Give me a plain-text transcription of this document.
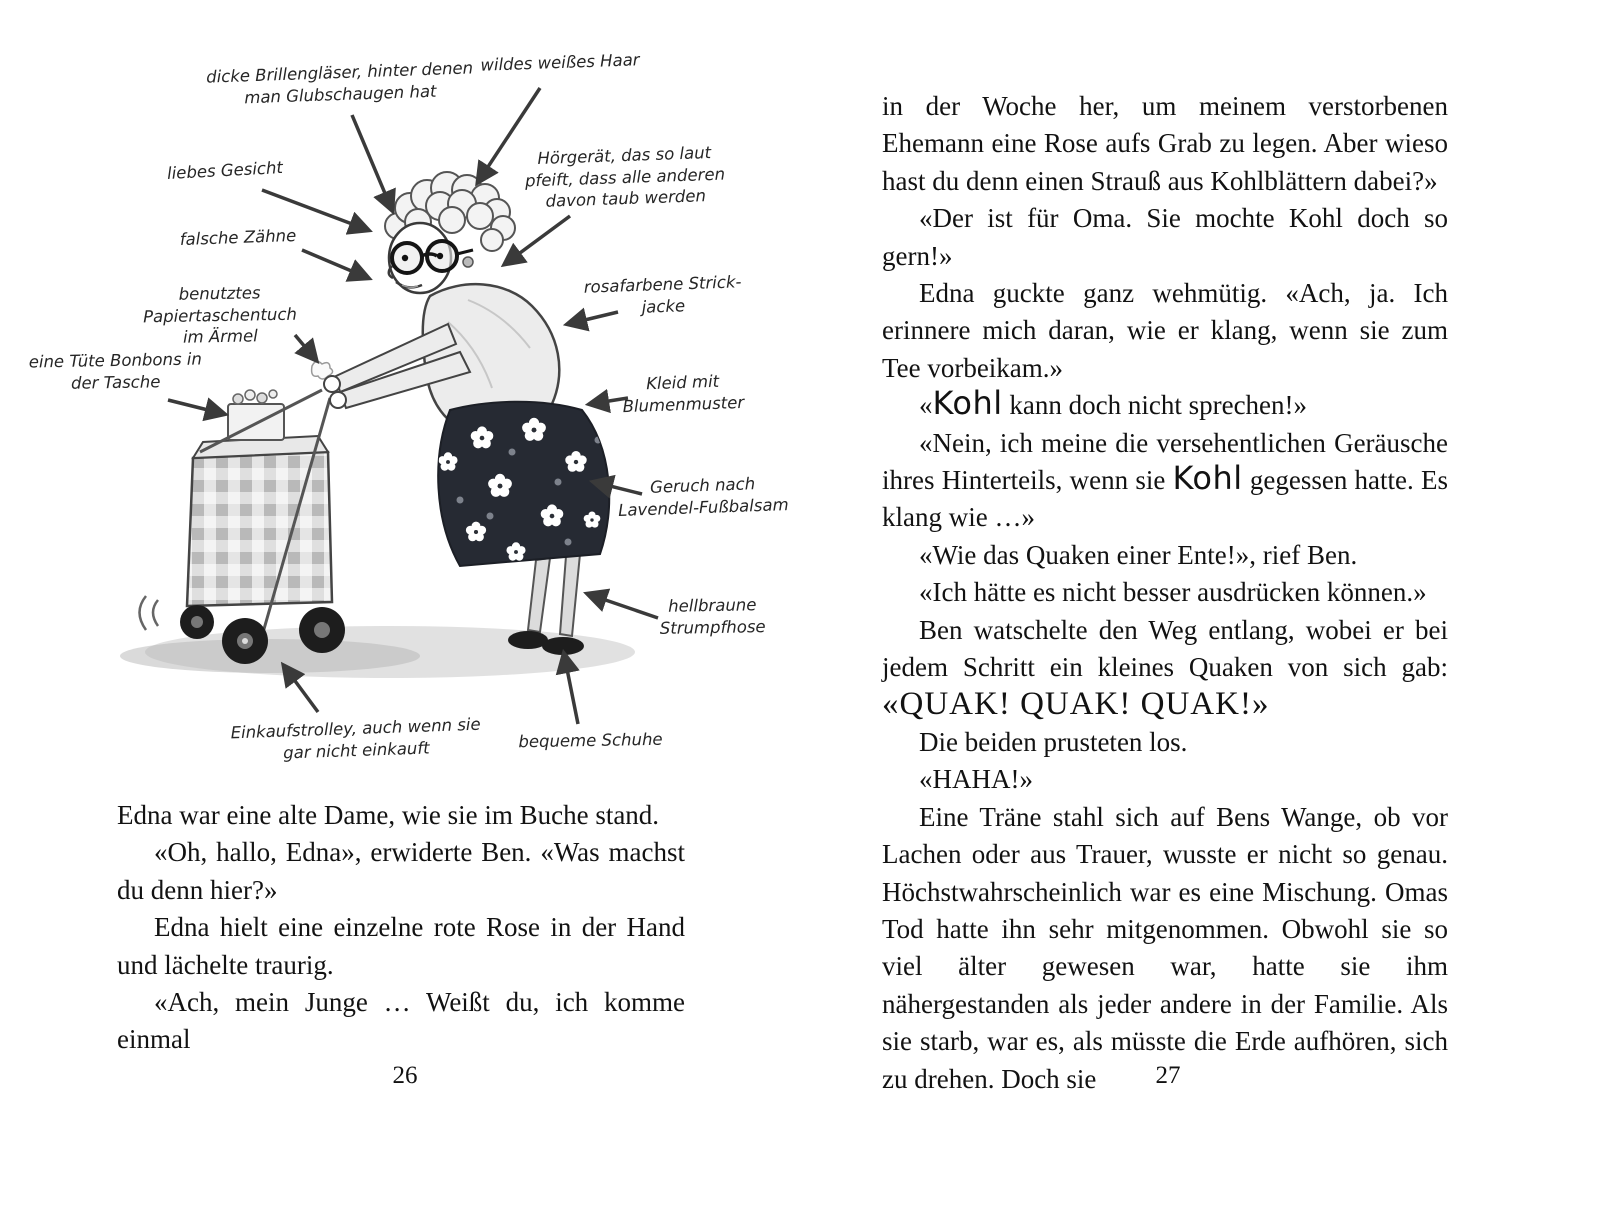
dicke Brillengläser, hinter denen
man Glubschaugen hat
wildes weißes Haar
liebes Gesicht
Hörgerät, das so laut
pfeift, dass alle anderen
davon taub werden
falsche Zähne
benutztes Papiertaschentuch
im Ärmel
rosafarbene Strick-
jacke
eine Tüte Bonbons in
der Tasche	Kleid mit
Blumenmuster
Geruch nach
Lavendel-Fußbalsam
hellbraune
Strumpfhose
Einkaufstrolley, auch wenn sie
gar nicht einkauft	bequeme Schuhe

Edna war eine alte Dame, wie sie im Buche stand.

«Oh, hallo, Edna», erwiderte Ben. «Was machst du denn hier?»

Edna hielt eine einzelne rote Rose in der Hand und lächelte traurig.

«Ach, mein Junge … Weißt du, ich komme einmal

26

in der Woche her, um meinem verstorbenen Ehemann eine Rose aufs Grab zu legen. Aber wieso hast du denn einen Strauß aus Kohlblättern dabei?»

«Der ist für Oma. Sie mochte Kohl doch so gern!»

Edna guckte ganz wehmütig. «Ach, ja. Ich erinnere mich daran, wie er klang, wenn sie zum Tee vorbeikam.»

«Kohl kann doch nicht sprechen!»

«Nein, ich meine die versehentlichen Geräusche ihres Hinterteils, wenn sie Kohl gegessen hatte. Es klang wie …»

«Wie das Quaken einer Ente!», rief Ben.

«Ich hätte es nicht besser ausdrücken können.»

Ben watschelte den Weg entlang, wobei er bei jedem Schritt ein kleines Quaken von sich gab: «QUAK! QUAK! QUAK!»

Die beiden prusteten los.

«HAHA!»

Eine Träne stahl sich auf Bens Wange, ob vor Lachen oder aus Trauer, wusste er nicht so genau. Höchstwahrscheinlich war es eine Mischung. Omas Tod hatte ihn sehr mitgenommen. Obwohl sie so viel älter gewesen war, hatte sie ihm nähergestanden als jeder andere in der Familie. Als sie starb, war es, als müsste die Erde aufhören, sich zu drehen. Doch sie	27
